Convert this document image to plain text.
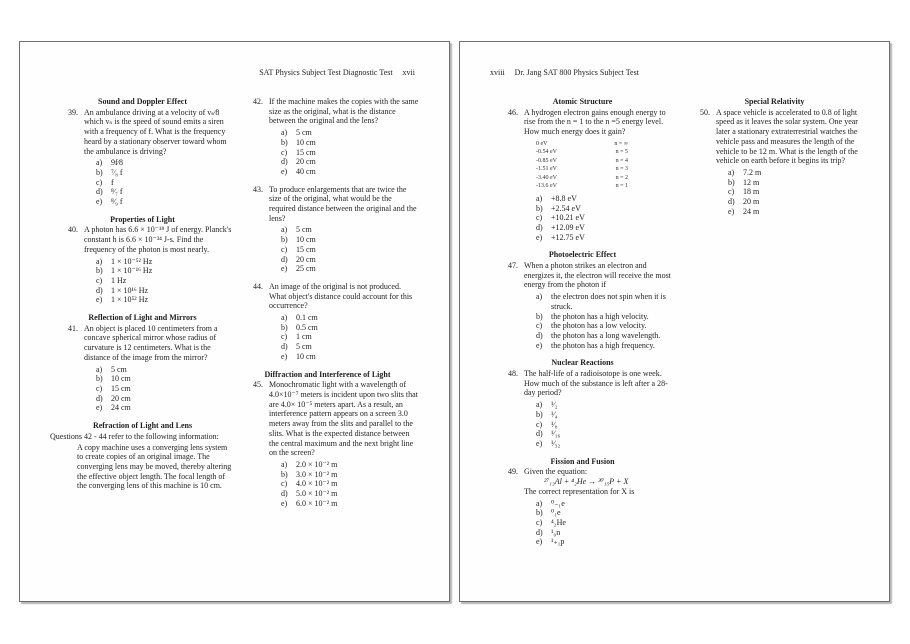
SAT Physics Subject Test Diagnostic Test xvii
Sound and Doppler Effect
39. An ambulance driving at a velocity of vₛ⁄8 which vₛ is the speed of sound emits a siren with a frequency of f. What is the frequency heard by a stationary observer toward whom the ambulance is driving?
a)	9f⁄8
b)	⁷⁄₈ f
c)	f
d)	⁸⁄₇ f
e)	⁸⁄₉ f
Properties of Light
40. A photon has 6.6 × 10⁻¹⁸ J of energy. Planck's constant h is 6.6 × 10⁻³⁴ J-s. Find the frequency of the photon is most nearly.
a)	1 × 10⁻⁵² Hz
b)	1 × 10⁻¹⁶ Hz
c)	1 Hz
d)	1 × 10¹⁶ Hz
e)	1 × 10⁵² Hz
Reflection of Light and Mirrors
41. An object is placed 10 centimeters from a concave spherical mirror whose radius of curvature is 12 centimeters. What is the distance of the image from the mirror?
a)	5 cm
b)	10 cm
c)	15 cm
d)	20 cm
e)	24 cm
Refraction of Light and Lens
Questions 42 - 44 refer to the following information:
A copy machine uses a converging lens system to create copies of an original image. The converging lens may be moved, thereby altering the effective object length. The focal length of the converging lens of this machine is 10 cm.
42. If the machine makes the copies with the same size as the original, what is the distance between the original and the lens?
a)	5 cm
b)	10 cm
c)	15 cm
d)	20 cm
e)	40 cm
43. To produce enlargements that are twice the size of the original, what would be the required distance between the original and the lens?
a)	5 cm
b)	10 cm
c)	15 cm
d)	20 cm
e)	25 cm
44. An image of the original is not produced. What object's distance could account for this occurrence?
a)	0.1 cm
b)	0.5 cm
c)	1 cm
d)	5 cm
e)	10 cm
Diffraction and Interference of Light
45. Monochromatic light with a wavelength of 4.0×10⁻⁷ meters is incident upon two slits that are 4.0× 10⁻⁵ meters apart. As a result, an interference pattern appears on a screen 3.0 meters away from the slits and parallel to the slits. What is the expected distance between the central maximum and the next bright line on the screen?
a)	2.0 × 10⁻² m
b)	3.0 × 10⁻² m
c)	4.0 × 10⁻² m
d)	5.0 × 10⁻² m
e)	6.0 × 10⁻² m
xviii Dr. Jang SAT 800 Physics Subject Test
Atomic Structure
46. A hydrogen electron gains enough energy to rise from the n = 1 to the n =5 energy level. How much energy does it gain?
0 eV	n = ∞
-0.54 eV	n = 5
-0.85 eV	n = 4
-1.51 eV	n = 3
-3.40 eV	n = 2
-13.6 eV	n = 1
a)	+8.8 eV
b)	+2.54 eV
c)	+10.21 eV
d)	+12.09 eV
e)	+12.75 eV
Photoelectric Effect
47. When a photon strikes an electron and energizes it, the electron will receive the most energy from the photon if
a)	the electron does not spin when it is struck.
b)	the photon has a high velocity.
c)	the photon has a low velocity.
d)	the photon has a long wavelength.
e)	the photon has a high frequency.
Nuclear Reactions
48. The half-life of a radioisotope is one week. How much of the substance is left after a 28-day period?
a)	¹⁄₂
b)	¹⁄₄
c)	¹⁄₈
d)	¹⁄₁₆
e)	¹⁄₃₂
Fission and Fusion
49. Given the equation:
²⁷₁₃Al + ⁴₂He → ³⁰₁₅P + X
The correct representation for X is
a)	⁰₋₁e
b)	⁰₁e
c)	⁴₂He
d)	¹₀n
e)	¹₊₁p
Special Relativity
50. A space vehicle is accelerated to 0.8 of light speed as it leaves the solar system. One year later a stationary extraterrestrial watches the vehicle pass and measures the length of the vehicle to be 12 m. What is the length of the vehicle on earth before it begins its trip?
a)	7.2 m
b)	12 m
c)	18 m
d)	20 m
e)	24 m
